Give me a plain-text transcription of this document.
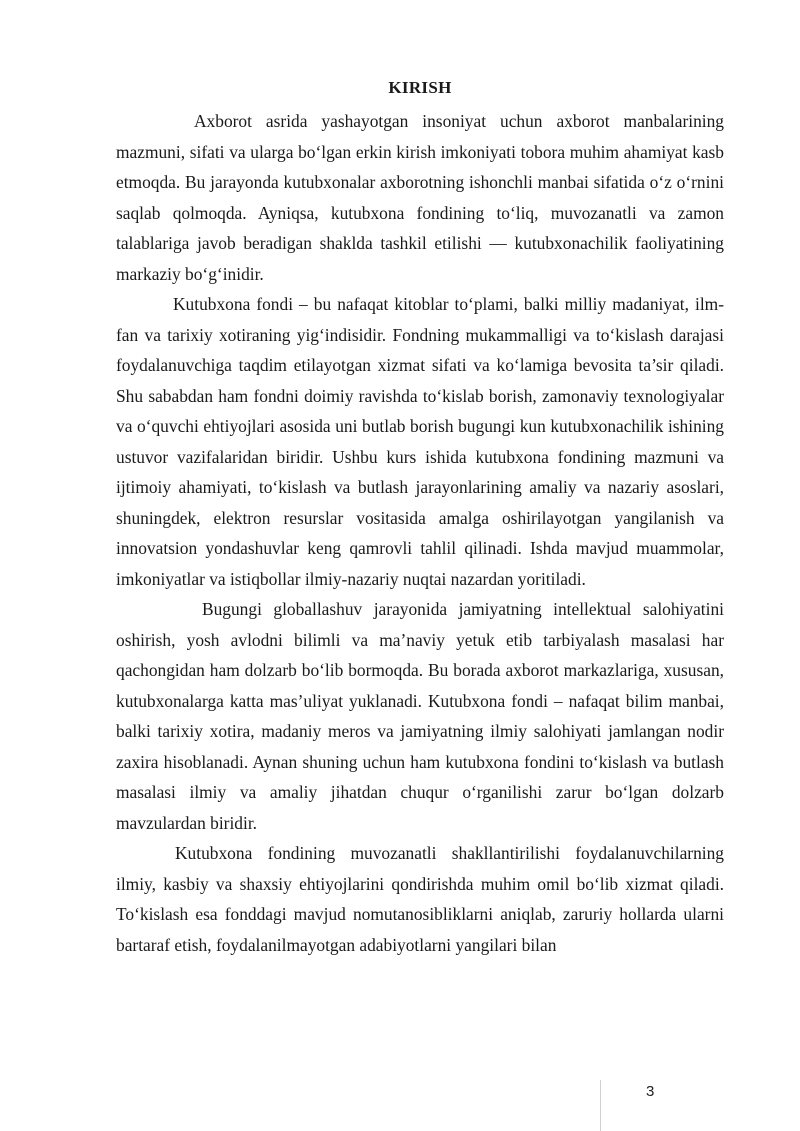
KIRISH

Axborot asrida yashayotgan insoniyat uchun axborot manbalarining mazmuni, sifati va ularga bo‘lgan erkin kirish imkoniyati tobora muhim ahamiyat kasb etmoqda. Bu jarayonda kutubxonalar axborotning ishonchli manbai sifatida o‘z o‘rnini saqlab qolmoqda. Ayniqsa, kutubxona fondining to‘liq, muvozanatli va zamon talablariga javob beradigan shaklda tashkil etilishi — kutubxonachilik faoliyatining markaziy bo‘g‘inidir.

Kutubxona fondi – bu nafaqat kitoblar to‘plami, balki milliy madaniyat, ilm-fan va tarixiy xotiraning yig‘indisidir. Fondning mukammalligi va to‘kislash darajasi foydalanuvchiga taqdim etilayotgan xizmat sifati va ko‘lamiga bevosita ta’sir qiladi. Shu sababdan ham fondni doimiy ravishda to‘kislab borish, zamonaviy texnologiyalar va o‘quvchi ehtiyojlari asosida uni butlab borish bugungi kun kutubxonachilik ishining ustuvor vazifalaridan biridir. Ushbu kurs ishida kutubxona fondining mazmuni va ijtimoiy ahamiyati, to‘kislash va butlash jarayonlarining amaliy va nazariy asoslari, shuningdek, elektron resurslar vositasida amalga oshirilayotgan yangilanish va innovatsion yondashuvlar keng qamrovli tahlil qilinadi. Ishda mavjud muammolar, imkoniyatlar va istiqbollar ilmiy-nazariy nuqtai nazardan yoritiladi.

Bugungi globallashuv jarayonida jamiyatning intellektual salohiyatini oshirish, yosh avlodni bilimli va ma’naviy yetuk etib tarbiyalash masalasi har qachongidan ham dolzarb bo‘lib bormoqda. Bu borada axborot markazlariga, xususan, kutubxonalarga katta mas’uliyat yuklanadi. Kutubxona fondi – nafaqat bilim manbai, balki tarixiy xotira, madaniy meros va jamiyatning ilmiy salohiyati jamlangan nodir zaxira hisoblanadi. Aynan shuning uchun ham kutubxona fondini to‘kislash va butlash masalasi ilmiy va amaliy jihatdan chuqur o‘rganilishi zarur bo‘lgan dolzarb mavzulardan biridir.

Kutubxona fondining muvozanatli shakllantirilishi foydalanuvchilarning ilmiy, kasbiy va shaxsiy ehtiyojlarini qondirishda muhim omil bo‘lib xizmat qiladi. To‘kislash esa fonddagi mavjud nomutanosibliklarni aniqlab, zaruriy hollarda ularni bartaraf etish, foydalanilmayotgan adabiyotlarni yangilari bilan

3
